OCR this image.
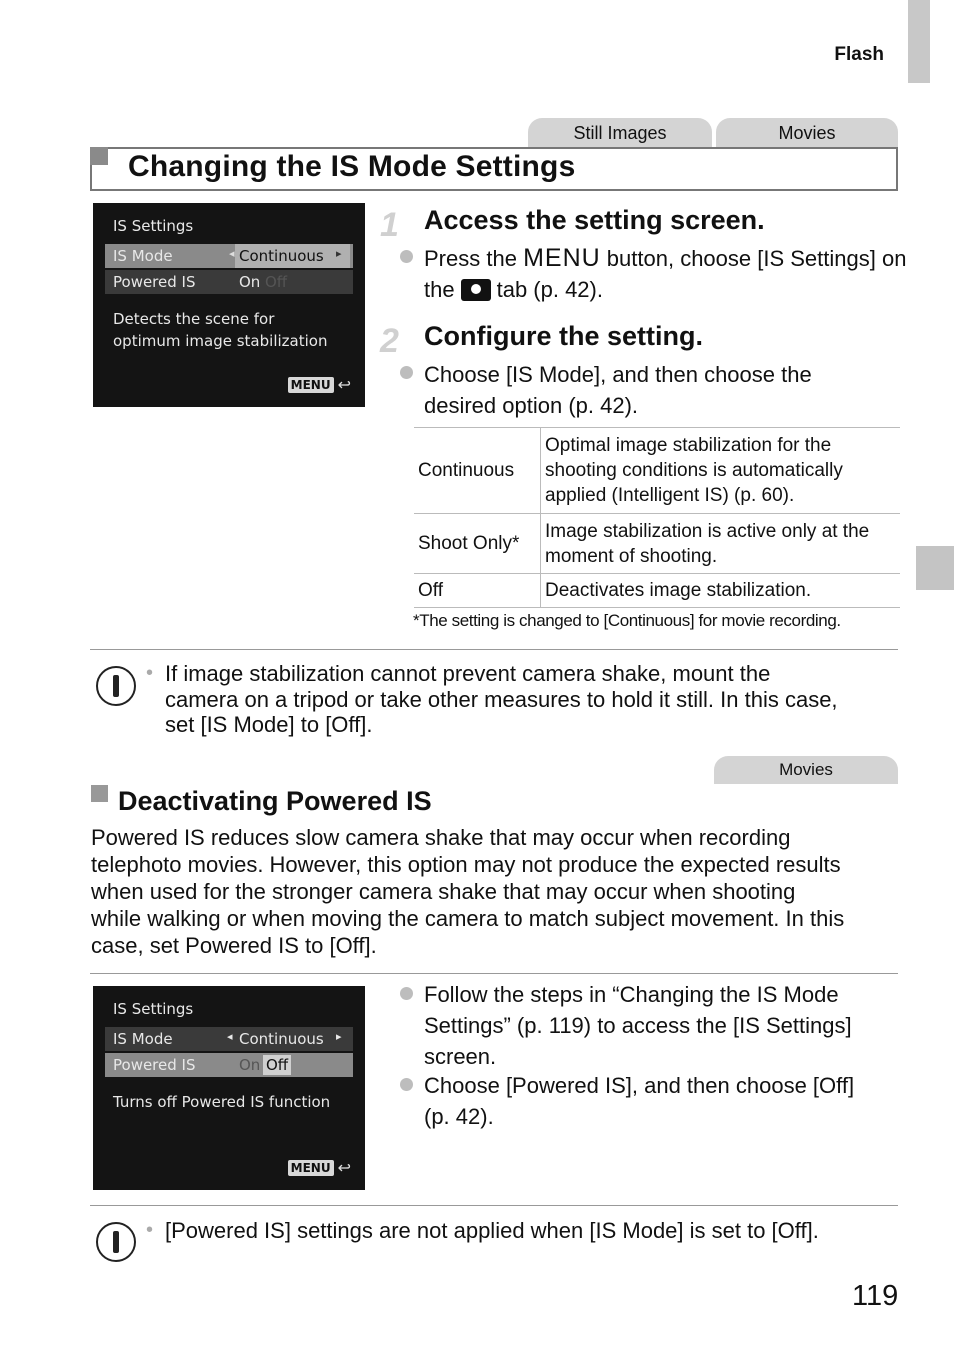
Flash
Still Images	Movies
Changing the IS Mode Settings
IS Settings
IS Mode	◂ Continuous ▸
Powered IS	On Off
Detects the scene for
optimum image stabilization
MENU ↩
1 Access the setting screen.
Press the MENU button, choose [IS Settings] on
the tab (p. 42).
2 Configure the setting.
Choose [IS Mode], and then choose the
desired option (p. 42).
Continuous	Optimal image stabilization for the
shooting conditions is automatically
applied (Intelligent IS) (p. 60).

Shoot Only*	Image stabilization is active only at the
moment of shooting.

Off	Deactivates image stabilization.
*The setting is changed to [Continuous] for movie recording.
• If image stabilization cannot prevent camera shake, mount the
camera on a tripod or take other measures to hold it still. In this case,
set [IS Mode] to [Off].
Movies
Deactivating Powered IS
Powered IS reduces slow camera shake that may occur when recording
telephoto movies. However, this option may not produce the expected results
when used for the stronger camera shake that may occur when shooting
while walking or when moving the camera to match subject movement. In this
case, set Powered IS to [Off].
IS Settings
IS Mode	◂ Continuous ▸
Powered IS	On Off
Turns off Powered IS function
MENU ↩
Follow the steps in “Changing the IS Mode
Settings” (p. 119) to access the [IS Settings]
screen.
Choose [Powered IS], and then choose [Off]
(p. 42).
• [Powered IS] settings are not applied when [IS Mode] is set to [Off].
119
